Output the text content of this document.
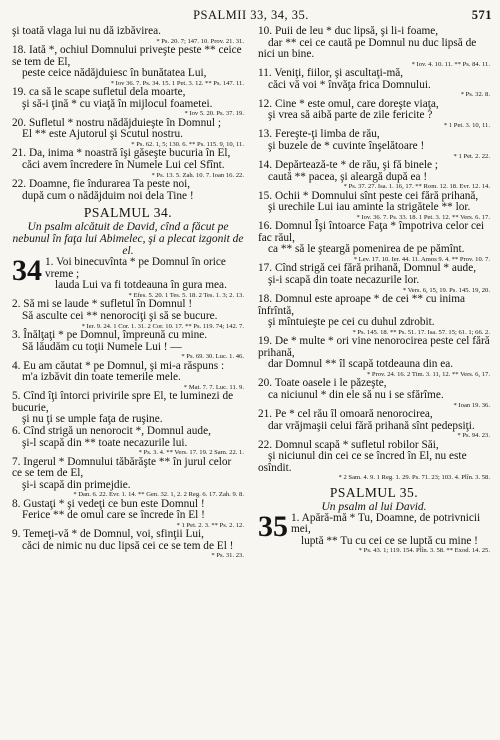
PSALMII 33, 34, 35.	571

şi toată vlaga lui nu dă izbăvirea.

* Ps. 20. 7; 147. 10. Prov. 21. 31.

18. Iată *, ochiul Domnului priveşte peste ** ceice se tem de El,

peste ceice nădăjduiesc în bunătatea Lui,

* Iov 36. 7. Ps. 34. 15. 1 Pet. 3. 12. ** Ps. 147. 11.

19. ca să le scape sufletul dela moarte,

şi să-i ţină * cu viaţă în mijlocul foametei.

* Iov 5. 20. Ps. 37. 19.

20. Sufletul * nostru nădăjduieşte în Domnul ;

El ** este Ajutorul şi Scutul nostru.

* Ps. 62. 1, 5; 130. 6. ** Ps. 115. 9, 10, 11.

21. Da, inima * noastră îşi găseşte bucuria în El,

căci avem încredere în Numele Lui cel Sfînt.

* Ps. 13. 5. Zah. 10. 7. Ioan 16. 22.

22. Doamne, fie îndurarea Ta peste noi,

după cum o nădăjduim noi dela Tine !

PSALMUL 34.
Un psalm alcătuit de David, cînd a făcut pe nebunul în faţa lui Abimelec, şi a plecat izgonit de el.

34 1. Voi binecuvînta * pe Domnul în orice vreme ;

lauda Lui va fi totdeauna în gura mea.

* Efes. 5. 20. 1 Tes. 5. 18. 2 Tes. 1. 3; 2. 13.

2. Să mi se laude * sufletul în Domnul !

Să ascultе cei ** nenorociţi şi să se bucure.

* Ier. 9. 24. 1 Cor. 1. 31. 2 Cor. 10. 17. ** Ps. 119. 74; 142. 7.

3. Înălţaţi * pe Domnul, împreună cu mine.

Să lăudăm cu toţii Numele Lui ! —

* Ps. 69. 30. Luc. 1. 46.

4. Eu am căutat * pe Domnul, şi mi-a răspuns :

m'a izbăvit din toate temerile mele.

* Mat. 7. 7. Luc. 11. 9.

5. Cînd îţi întorci privirile spre El, te luminezi de bucurie,

şi nu ţi se umple faţa de ruşine.

6. Cînd strigă un nenorocit *, Domnul aude,

şi-l scapă din ** toate necazurile lui.

* Ps. 3. 4. ** Vers. 17. 19. 2 Sam. 22. 1.

7. Ingerul * Domnului tăbărăşte ** în jurul celor ce se tem de El,

şi-i scapă din primejdie.

* Dan. 6. 22. Evr. 1. 14. ** Gen. 32. 1, 2. 2 Reg. 6. 17. Zah. 9. 8.

8. Gustaţi * şi vedeţi ce bun este Domnul !

Ferice ** de omul care se încrede în El !

* 1 Pet. 2. 3. ** Ps. 2. 12.

9. Temeţi-vă * de Domnul, voi, sfinţii Lui,

căci de nimic nu duc lipsă cei ce se tem de El !

* Ps. 31. 23.

10. Puii de leu * duc lipsă, şi li-i foame,

dar ** cei ce caută pe Domnul nu duc lipsă de nici un bine.

* Iov. 4. 10. 11. ** Ps. 84. 11.

11. Veniţi, fiilor, şi ascultaţi-mă,

căci vă voi * învăţa frica Domnului.

* Ps. 32. 8.

12. Cine * este omul, care doreşte viaţa,

şi vrea să aibă parte de zile fericite ?

* 1 Pet. 3. 10, 11.

13. Fereşte-ţi limba de rău,

şi buzele de * cuvinte înşelătoare !

* 1 Pet. 2. 22.

14. Depărtează-te * de rău, şi fă binele ;

caută ** pacea, şi aleargă după ea !

* Ps. 37. 27. Isa. 1. 16, 17. ** Rom. 12. 18. Evr. 12. 14.

15. Ochii * Domnului sînt peste cei fără prihană,

şi urechile Lui iau aminte la strigătele ** lor.

* Iov. 36. 7. Ps. 33. 18. 1 Pet. 3. 12. ** Vers. 6. 17.

16. Domnul Îşi întoarce Faţa * împotriva celor cei fac răul,

ca ** să le şteargă pomenirea de pe pămînt.

* Lev. 17. 10. Ier. 44. 11. Amos 9. 4. ** Prov. 10. 7.

17. Cînd strigă cei fără prihană, Domnul * aude,

şi-i scapă din toate necazurile lor.

* Vers. 6, 15, 19. Ps. 145. 19, 20.

18. Domnul este aproape * de cei ** cu inima înfrîntă,

şi mîntuieşte pe cei cu duhul zdrobit.

* Ps. 145. 18. ** Ps. 51. 17. Isa. 57. 15; 61. 1; 66. 2.

19. De * multe * ori vine nenorocirea peste cel fără prihană,

dar Domnul ** îl scapă totdeauna din ea.

* Prov. 24. 16. 2 Tim. 3. 11, 12. ** Vers. 6, 17.

20. Toate oasele i le păzeşte,

ca niciunul * din ele să nu i se sfărîme.

* Ioan 19. 36.

21. Pe * cel rău îl omoară nenorocirea,

dar vrăjmaşii celui fără prihană sînt pedepsiţi.

* Ps. 94. 23.

22. Domnul scapă * sufletul robilor Săi,

şi niciunul din cei ce se încred în El, nu este osîndit.

* 2 Sam. 4. 9. 1 Reg. 1. 29. Ps. 71. 23; 103. 4. Plîn. 3. 58.
PSALMUL 35.
Un psalm al lui David.

35 1. Apără-mă * Tu, Doamne, de potrivnicii mei,

luptă ** Tu cu cei ce se luptă cu mine !

* Ps. 43. 1; 119. 154. Plîn. 3. 58. ** Exod. 14. 25.
